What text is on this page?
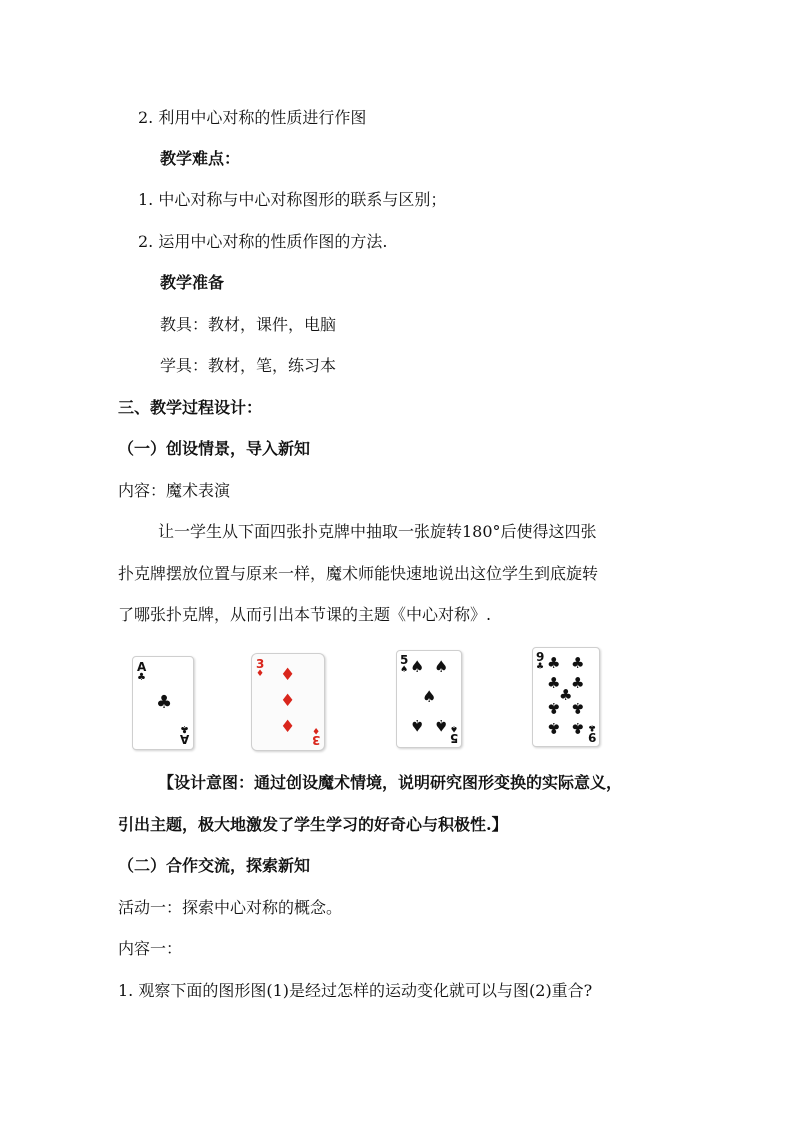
2. 利用中心对称的性质进行作图
教学难点：
1. 中心对称与中心对称图形的联系与区别；
2. 运用中心对称的性质作图的方法.
教学准备
教具：教材，课件，电脑
学具：教材，笔，练习本
三、教学过程设计：
（一）创设情景，导入新知
内容：魔术表演
让一学生从下面四张扑克牌中抽取一张旋转180°后使得这四张
扑克牌摆放位置与原来一样，魔术师能快速地说出这位学生到底旋转
了哪张扑克牌，从而引出本节课的主题《中心对称》.
A
♣
♣
♣
A
3
♦ ♦
♦
♦ ♦
3
5
♠ ♠ ♠
♠
♠ ♠ ♠
5
9
♣ ♣ ♣
♣ ♣
♣
♣ ♣
♣ ♣ ♣
9
【设计意图：通过创设魔术情境，说明研究图形变换的实际意义，
引出主题，极大地激发了学生学习的好奇心与积极性.】
（二）合作交流，探索新知
活动一：探索中心对称的概念。
内容一：
1. 观察下面的图形图(1)是经过怎样的运动变化就可以与图(2)重合?
